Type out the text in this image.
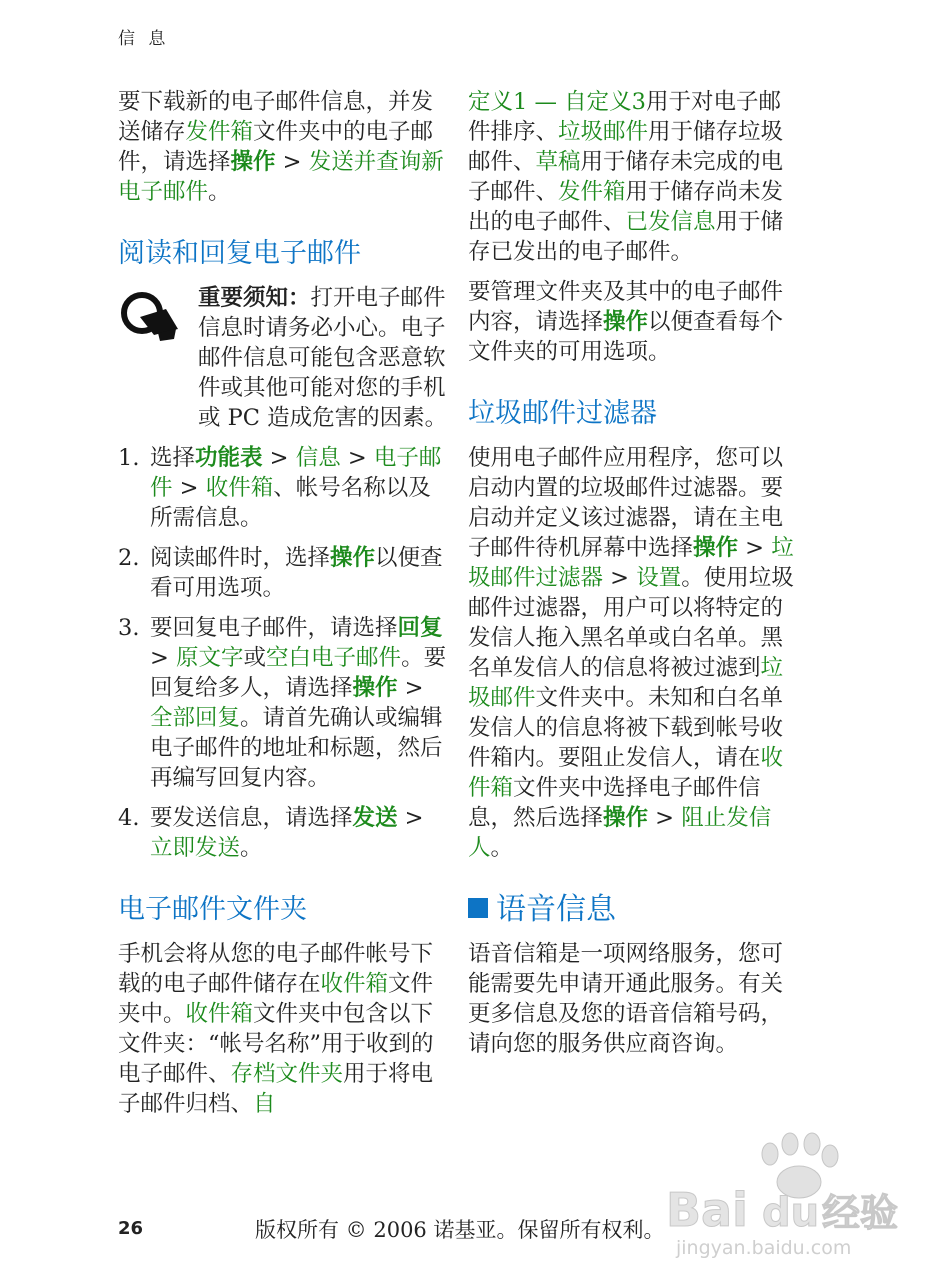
信 息

要下载新的电子邮件信息，并发送储存发件箱文件夹中的电子邮件，请选择操作 > 发送并查询新电子邮件。

阅读和回复电子邮件

重要须知：打开电子邮件信息时请务必小心。电子邮件信息可能包含恶意软件或其他可能对您的手机或 PC 造成危害的因素。

1. 选择功能表 > 信息 > 电子邮件 > 收件箱、帐号名称以及所需信息。
2. 阅读邮件时，选择操作以便查看可用选项。
3. 要回复电子邮件，请选择回复 > 原文字或空白电子邮件。要回复给多人，请选择操作 > 全部回复。请首先确认或编辑电子邮件的地址和标题，然后再编写回复内容。
4. 要发送信息，请选择发送 > 立即发送。
电子邮件文件夹

手机会将从您的电子邮件帐号下载的电子邮件储存在收件箱文件夹中。收件箱文件夹中包含以下文件夹：“帐号名称”用于收到的电子邮件、存档文件夹用于将电子邮件归档、自

定义1 — 自定义3用于对电子邮件排序、垃圾邮件用于储存垃圾邮件、草稿用于储存未完成的电子邮件、发件箱用于储存尚未发出的电子邮件、已发信息用于储存已发出的电子邮件。

要管理文件夹及其中的电子邮件内容，请选择操作以便查看每个文件夹的可用选项。

垃圾邮件过滤器

使用电子邮件应用程序，您可以启动内置的垃圾邮件过滤器。要启动并定义该过滤器，请在主电子邮件待机屏幕中选择操作 > 垃圾邮件过滤器 > 设置。使用垃圾邮件过滤器，用户可以将特定的发信人拖入黑名单或白名单。黑名单发信人的信息将被过滤到垃圾邮件文件夹中。未知和白名单发信人的信息将被下载到帐号收件箱内。要阻止发信人，请在收件箱文件夹中选择电子邮件信息，然后选择操作 > 阻止发信人。

语音信息

语音信箱是一项网络服务，您可能需要先申请开通此服务。有关更多信息及您的语音信箱号码，请向您的服务供应商咨询。

26	版权所有 © 2006 诺基亚。保留所有权利。 Bai du 经验
jingyan.baidu.com
